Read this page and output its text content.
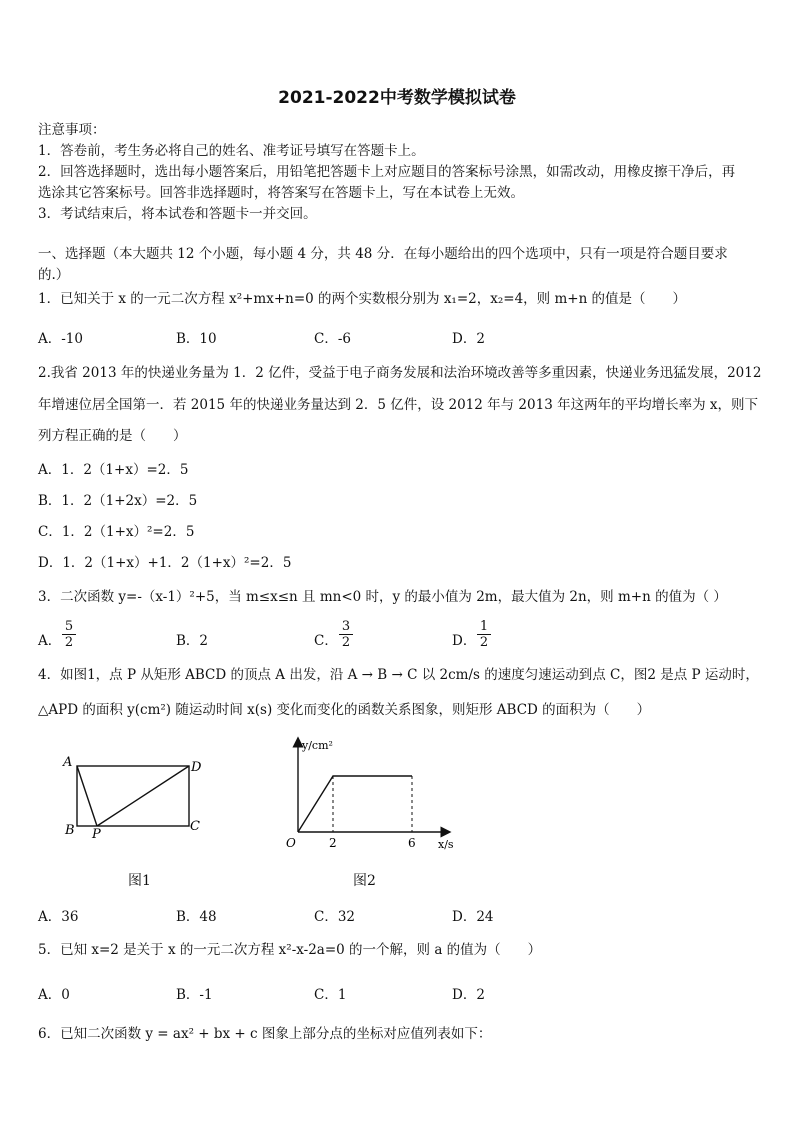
2021-2022中考数学模拟试卷
注意事项：
1．答卷前，考生务必将自己的姓名、准考证号填写在答题卡上。
2．回答选择题时，选出每小题答案后，用铅笔把答题卡上对应题目的答案标号涂黑，如需改动，用橡皮擦干净后，再
选涂其它答案标号。回答非选择题时，将答案写在答题卡上，写在本试卷上无效。
3．考试结束后，将本试卷和答题卡一并交回。
一、选择题（本大题共 12 个小题，每小题 4 分，共 48 分．在每小题给出的四个选项中，只有一项是符合题目要求
的.）
1．已知关于 x 的一元二次方程 x²+mx+n=0 的两个实数根分别为 x₁=2，x₂=4，则 m+n 的值是（　　）
A．-10	B．10	C．-6	D．2
2.我省 2013 年的快递业务量为 1．2 亿件，受益于电子商务发展和法治环境改善等多重因素，快递业务迅猛发展，2012
年增速位居全国第一．若 2015 年的快递业务量达到 2．5 亿件，设 2012 年与 2013 年这两年的平均增长率为 x，则下
列方程正确的是（　　）
A．1．2（1+x）=2．5
B．1．2（1+2x）=2．5
C．1．2（1+x）²=2．5
D．1．2（1+x）+1．2（1+x）²=2．5
3．二次函数 y=-（x-1）²+5，当 m≤x≤n 且 mn<0 时，y 的最小值为 2m，最大值为 2n，则 m+n 的值为（ ）
A． $\frac{5}{2}$	B．2	C． $\frac{3}{2}$	D． $\frac{1}{2}$
4．如图1，点 P 从矩形 ABCD 的顶点 A 出发，沿 A → B → C 以 2cm/s 的速度匀速运动到点 C，图2 是点 P 运动时，
△APD 的面积 y(cm²) 随运动时间 x(s) 变化而变化的函数关系图象，则矩形 ABCD 的面积为（　　）
A
B P
C
D
图1
y/cm²
x/s
O	2	6
图2
A．36	B．48	C．32	D．24
5．已知 x=2 是关于 x 的一元二次方程 x²-x-2a=0 的一个解，则 a 的值为（　　）
A．0	B．-1	C．1	D．2
6．已知二次函数 y = ax² + bx + c 图象上部分点的坐标对应值列表如下：
